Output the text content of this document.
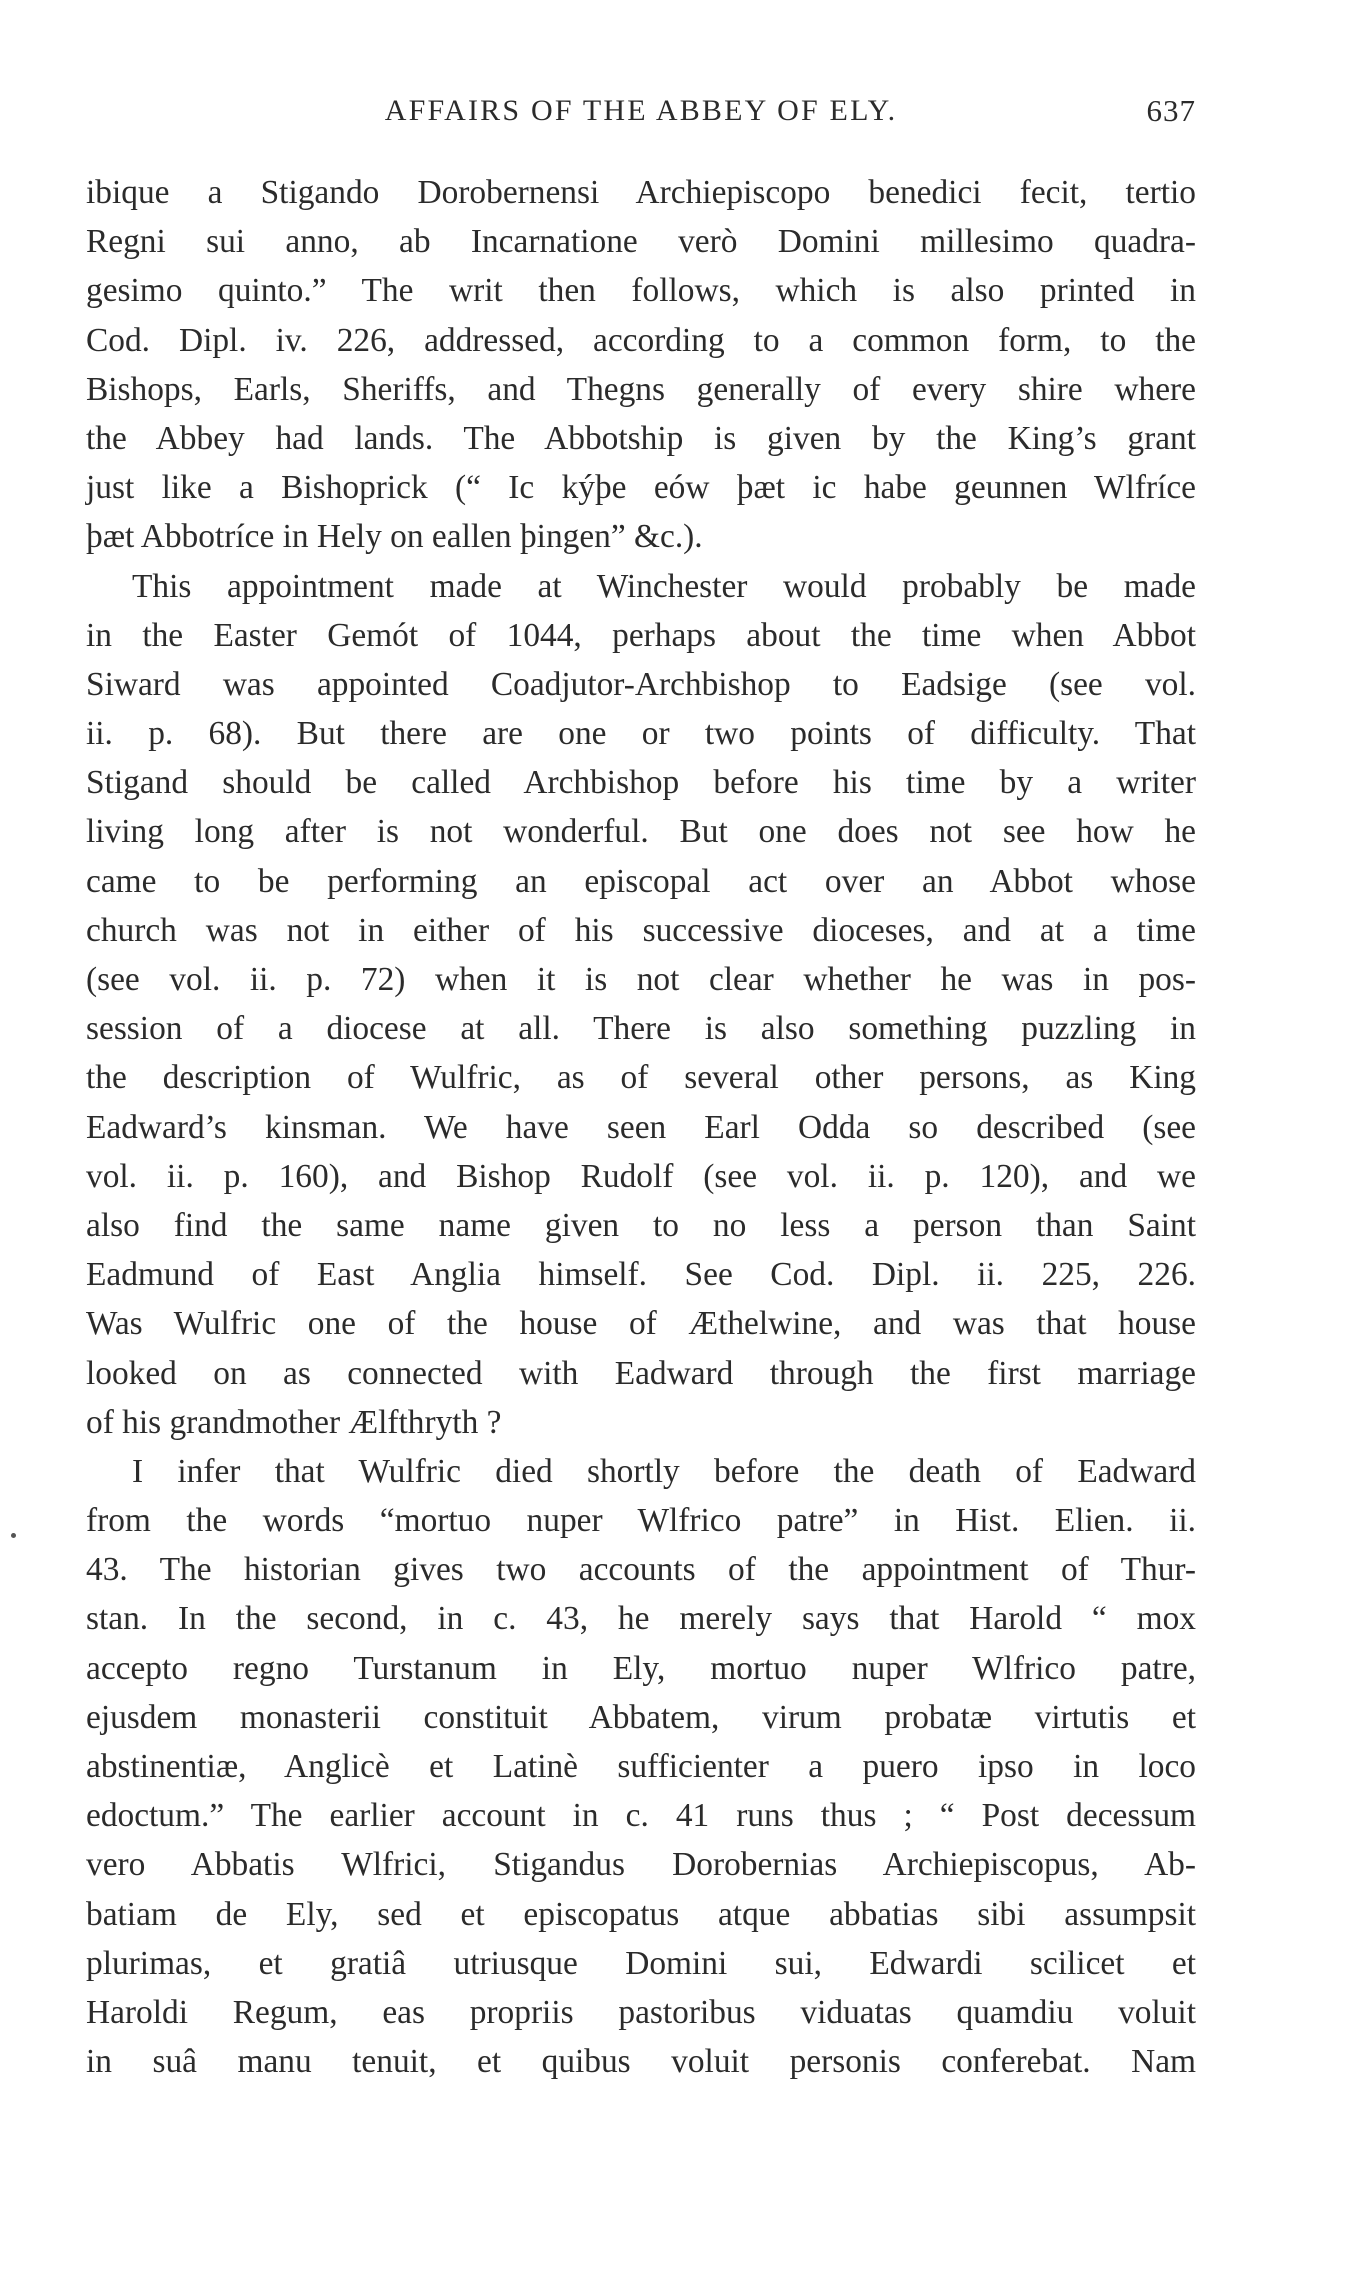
AFFAIRS OF THE ABBEY OF ELY.	637
ibique a Stigando Dorobernensi Archiepiscopo benedici fecit, tertio
Regni sui anno, ab Incarnatione verò Domini millesimo quadra-
gesimo quinto.” The writ then follows, which is also printed in
Cod. Dipl. iv. 226, addressed, according to a common form, to the
Bishops, Earls, Sheriffs, and Thegns generally of every shire where
the Abbey had lands. The Abbotship is given by the King’s grant
just like a Bishoprick (“ Ic kýþe eów þæt ic habe geunnen Wlfríce
þæt Abbotríce in Hely on eallen þingen” &c.).
This appointment made at Winchester would probably be made
in the Easter Gemót of 1044, perhaps about the time when Abbot
Siward was appointed Coadjutor-Archbishop to Eadsige (see vol.
ii. p. 68). But there are one or two points of difficulty. That
Stigand should be called Archbishop before his time by a writer
living long after is not wonderful. But one does not see how he
came to be performing an episcopal act over an Abbot whose
church was not in either of his successive dioceses, and at a time
(see vol. ii. p. 72) when it is not clear whether he was in pos-
session of a diocese at all. There is also something puzzling in
the description of Wulfric, as of several other persons, as King
Eadward’s kinsman. We have seen Earl Odda so described (see
vol. ii. p. 160), and Bishop Rudolf (see vol. ii. p. 120), and we
also find the same name given to no less a person than Saint
Eadmund of East Anglia himself. See Cod. Dipl. ii. 225, 226.
Was Wulfric one of the house of Æthelwine, and was that house
looked on as connected with Eadward through the first marriage
of his grandmother Ælfthryth ?
I infer that Wulfric died shortly before the death of Eadward
from the words “mortuo nuper Wlfrico patre” in Hist. Elien. ii.
43. The historian gives two accounts of the appointment of Thur-
stan. In the second, in c. 43, he merely says that Harold “ mox
accepto regno Turstanum in Ely, mortuo nuper Wlfrico patre,
ejusdem monasterii constituit Abbatem, virum probatæ virtutis et
abstinentiæ, Anglicè et Latinè sufficienter a puero ipso in loco
edoctum.” The earlier account in c. 41 runs thus ; “ Post decessum
vero Abbatis Wlfrici, Stigandus Dorobernias Archiepiscopus, Ab-
batiam de Ely, sed et episcopatus atque abbatias sibi assumpsit
plurimas, et gratiâ utriusque Domini sui, Edwardi scilicet et
Haroldi Regum, eas propriis pastoribus viduatas quamdiu voluit
in suâ manu tenuit, et quibus voluit personis conferebat. Nam
